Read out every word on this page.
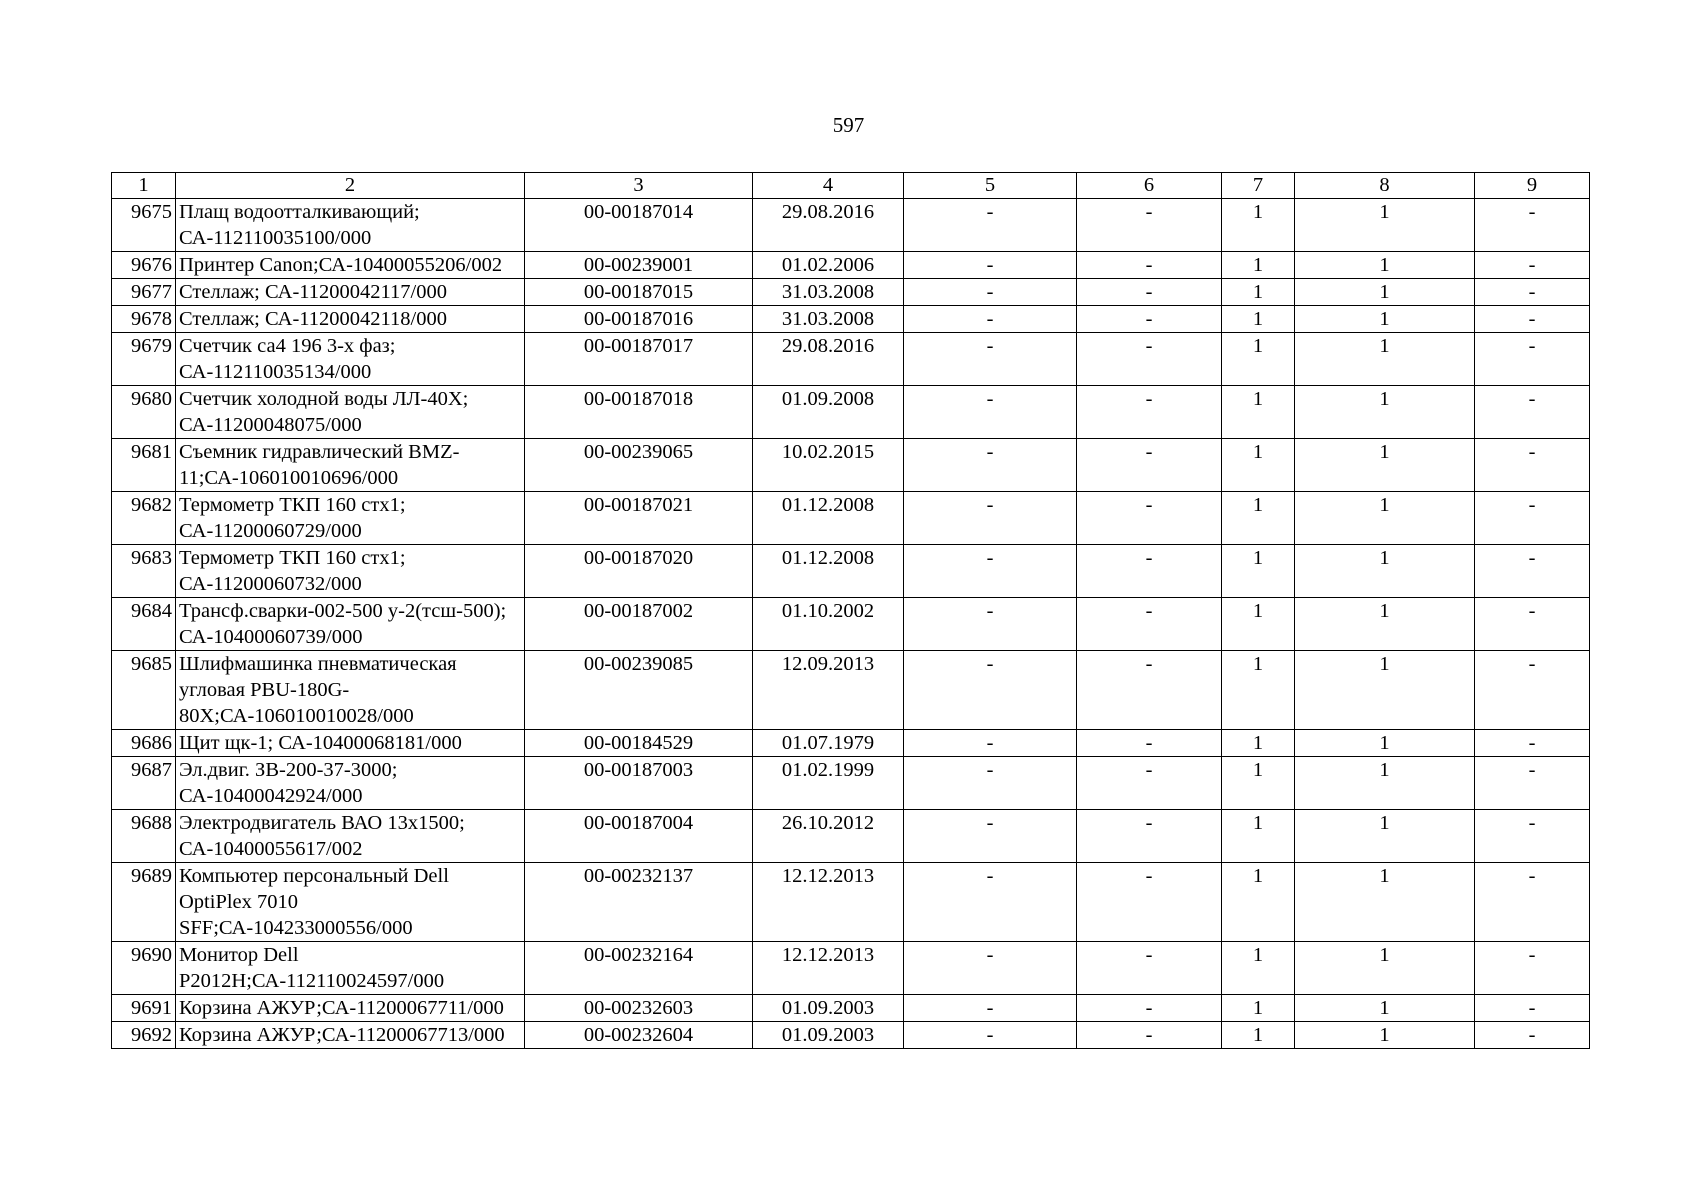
597
1	2	3	4	5	6	7	8	9
9675	Плащ водоотталкивающий; СА-112110035100/000	00-00187014	29.08.2016	-	-	1	1	-
9676	Принтер Canon;СА-10400055206/002	00-00239001	01.02.2006	-	-	1	1	-
9677	Стеллаж; СА-11200042117/000	00-00187015	31.03.2008	-	-	1	1	-
9678	Стеллаж; СА-11200042118/000	00-00187016	31.03.2008	-	-	1	1	-
9679	Счетчик са4 196 3-х фаз; СА-112110035134/000	00-00187017	29.08.2016	-	-	1	1	-
9680	Счетчик холодной воды ЛЛ-40Х; СА-11200048075/000	00-00187018	01.09.2008	-	-	1	1	-
9681	Съемник гидравлический BMZ-11;СА-106010010696/000	00-00239065	10.02.2015	-	-	1	1	-
9682	Термометр ТКП 160 стх1; СА-11200060729/000	00-00187021	01.12.2008	-	-	1	1	-
9683	Термометр ТКП 160 стх1; СА-11200060732/000	00-00187020	01.12.2008	-	-	1	1	-
9684	Трансф.сварки-002-500 у-2(тсш-500); СА-10400060739/000	00-00187002	01.10.2002	-	-	1	1	-
9685	Шлифмашинка пневматическая угловая PBU-180G-80X;СА-106010010028/000	00-00239085	12.09.2013	-	-	1	1	-
9686	Щит щк-1; СА-10400068181/000	00-00184529	01.07.1979	-	-	1	1	-
9687	Эл.двиг. ЗВ-200-37-3000; СА-10400042924/000	00-00187003	01.02.1999	-	-	1	1	-
9688	Электродвигатель ВАО 13х1500; СА-10400055617/002	00-00187004	26.10.2012	-	-	1	1	-
9689	Компьютер персональный Dell OptiPlex 7010 SFF;СА-104233000556/000	00-00232137	12.12.2013	-	-	1	1	-
9690	Монитор Dell P2012H;СА-112110024597/000	00-00232164	12.12.2013	-	-	1	1	-
9691	Корзина АЖУР;СА-11200067711/000	00-00232603	01.09.2003	-	-	1	1	-
9692	Корзина АЖУР;СА-11200067713/000	00-00232604	01.09.2003	-	-	1	1	-
